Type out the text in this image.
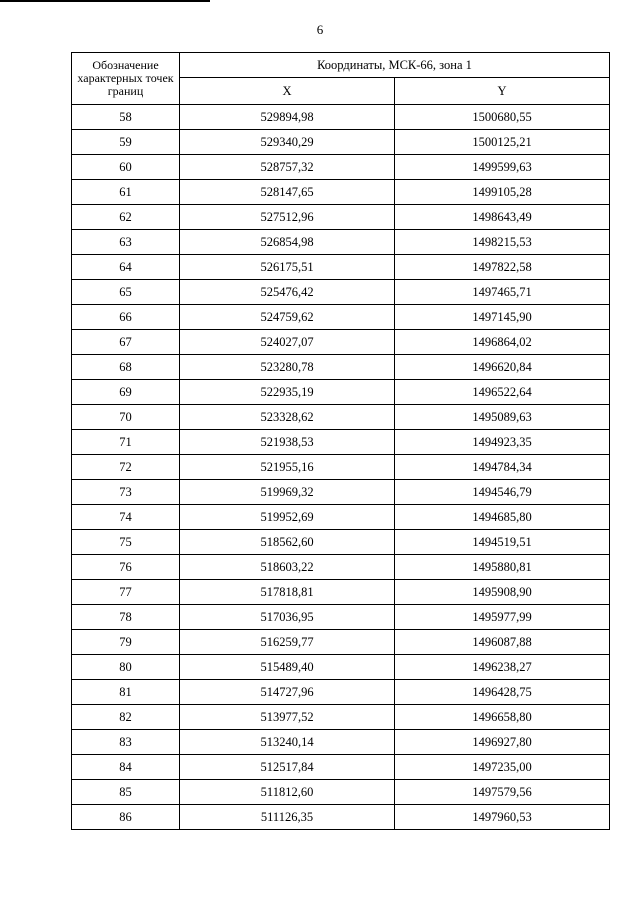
6
Обозначение характерных точек границ	Координаты, МСК-66, зона 1	
	X	Y
58	529894,98	1500680,55
59	529340,29	1500125,21
60	528757,32	1499599,63
61	528147,65	1499105,28
62	527512,96	1498643,49
63	526854,98	1498215,53
64	526175,51	1497822,58
65	525476,42	1497465,71
66	524759,62	1497145,90
67	524027,07	1496864,02
68	523280,78	1496620,84
69	522935,19	1496522,64
70	523328,62	1495089,63
71	521938,53	1494923,35
72	521955,16	1494784,34
73	519969,32	1494546,79
74	519952,69	1494685,80
75	518562,60	1494519,51
76	518603,22	1495880,81
77	517818,81	1495908,90
78	517036,95	1495977,99
79	516259,77	1496087,88
80	515489,40	1496238,27
81	514727,96	1496428,75
82	513977,52	1496658,80
83	513240,14	1496927,80
84	512517,84	1497235,00
85	511812,60	1497579,56
86	511126,35	1497960,53
